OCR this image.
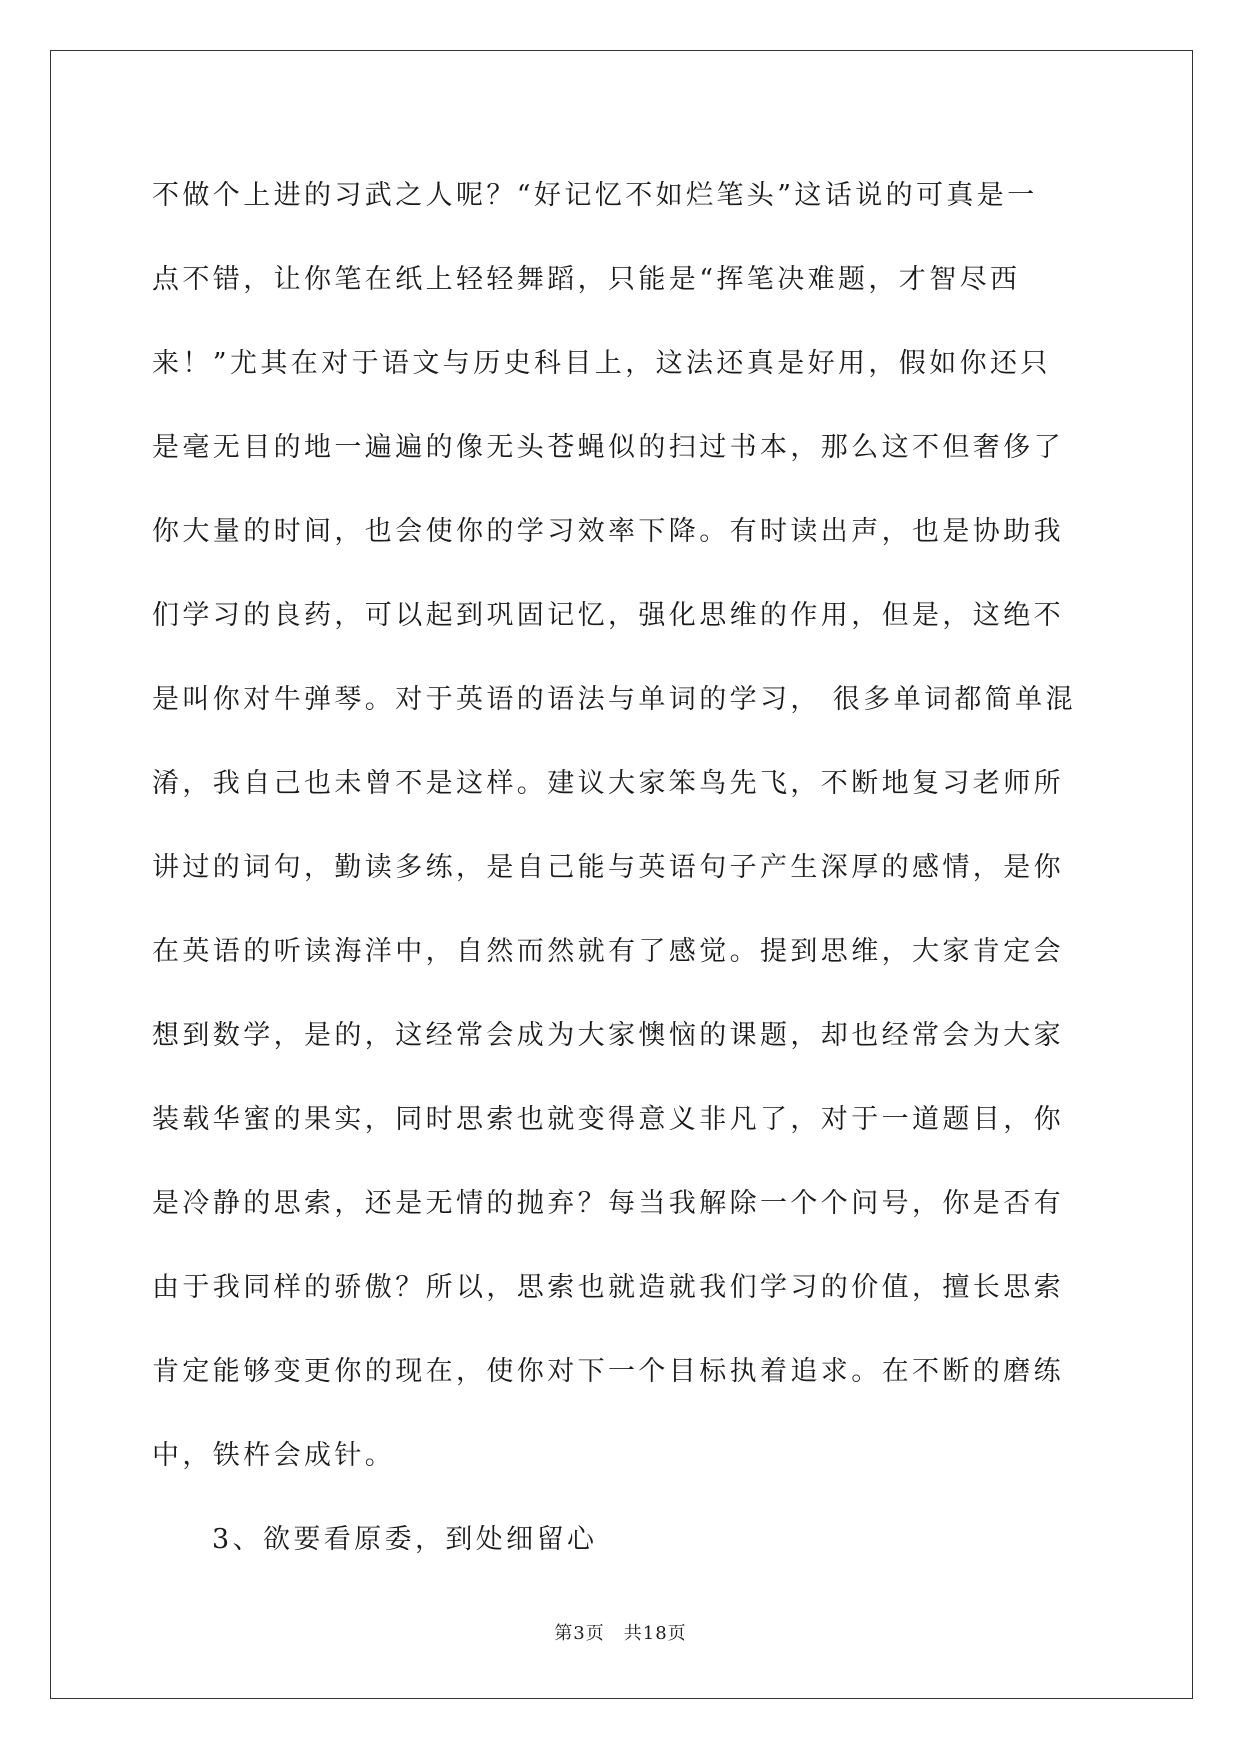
不做个上进的习武之人呢？“好记忆不如烂笔头”这话说的可真是一
点不错，让你笔在纸上轻轻舞蹈，只能是“挥笔决难题，才智尽西
来！”尤其在对于语文与历史科目上，这法还真是好用，假如你还只
是毫无目的地一遍遍的像无头苍蝇似的扫过书本，那么这不但奢侈了
你大量的时间，也会使你的学习效率下降。有时读出声，也是协助我
们学习的良药，可以起到巩固记忆，强化思维的作用，但是，这绝不
是叫你对牛弹琴。对于英语的语法与单词的学习， 很多单词都简单混
淆，我自己也未曾不是这样。建议大家笨鸟先飞，不断地复习老师所
讲过的词句，勤读多练，是自己能与英语句子产生深厚的感情，是你
在英语的听读海洋中，自然而然就有了感觉。提到思维，大家肯定会
想到数学，是的，这经常会成为大家懊恼的课题，却也经常会为大家
装载华蜜的果实，同时思索也就变得意义非凡了，对于一道题目，你
是冷静的思索，还是无情的抛弃？每当我解除一个个问号，你是否有
由于我同样的骄傲？所以，思索也就造就我们学习的价值，擅长思索
肯定能够变更你的现在，使你对下一个目标执着追求。在不断的磨练
中，铁杵会成针。
3、欲要看原委，到处细留心
第3页　共18页
